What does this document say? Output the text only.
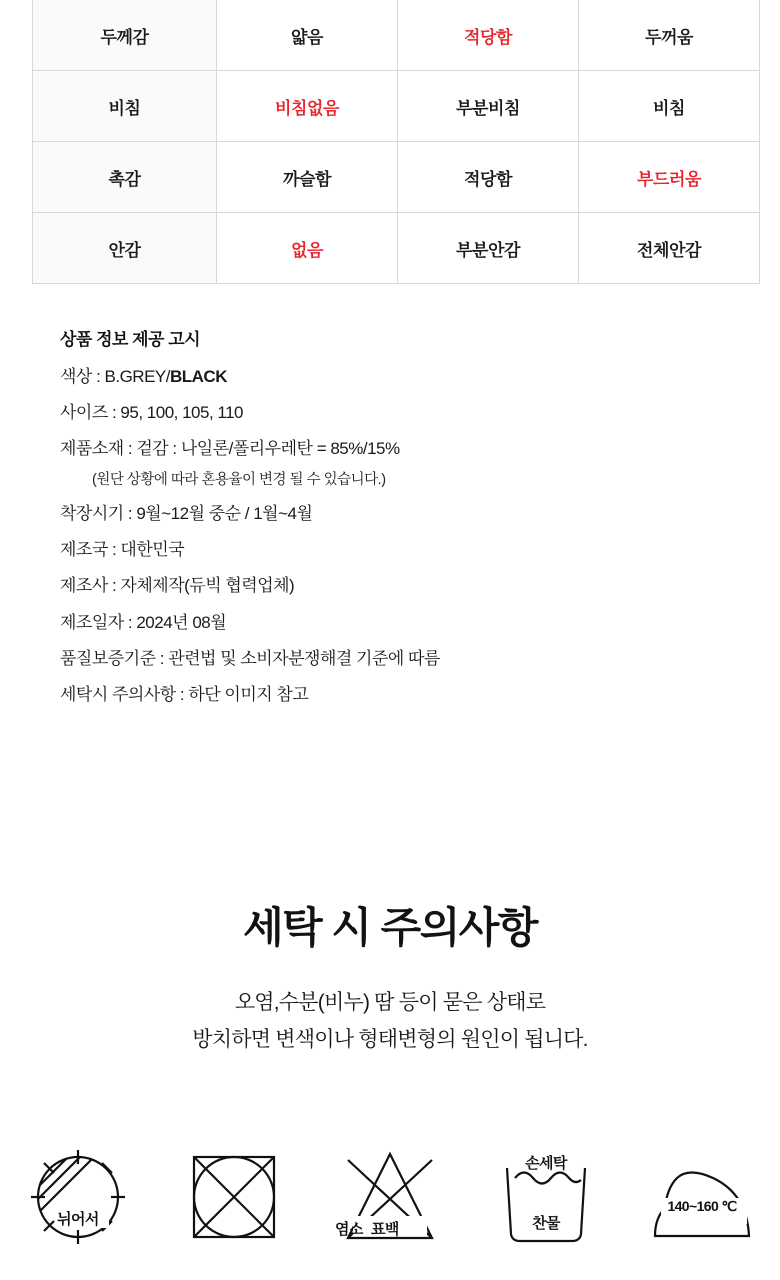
두께감	얇음	적당함	두꺼움
비침	비침없음	부분비침	비침
촉감	까슬함	적당함	부드러움
안감	없음	부분안감	전체안감
상품 정보 제공 고시
색상 : B.GREY/BLACK
사이즈 : 95, 100, 105, 110
제품소재 : 겉감 : 나일론/폴리우레탄 = 85%/15%
(원단 상황에 따라 혼용율이 변경 될 수 있습니다.)
착장시기 : 9월~12월 중순 / 1월~4월
제조국 : 대한민국
제조사 : 자체제작(듀빅 협력업체)
제조일자 : 2024년 08월
품질보증기준 : 관련법 및 소비자분쟁해결 기준에 따름
세탁시 주의사항 : 하단 이미지 참고
세탁 시 주의사항
오염,수분(비누) 땀 등이 묻은 상태로
방치하면 변색이나 형태변형의 원인이 됩니다.
뉘어서
염소 표백
손세탁
찬물
140~160 ℃
